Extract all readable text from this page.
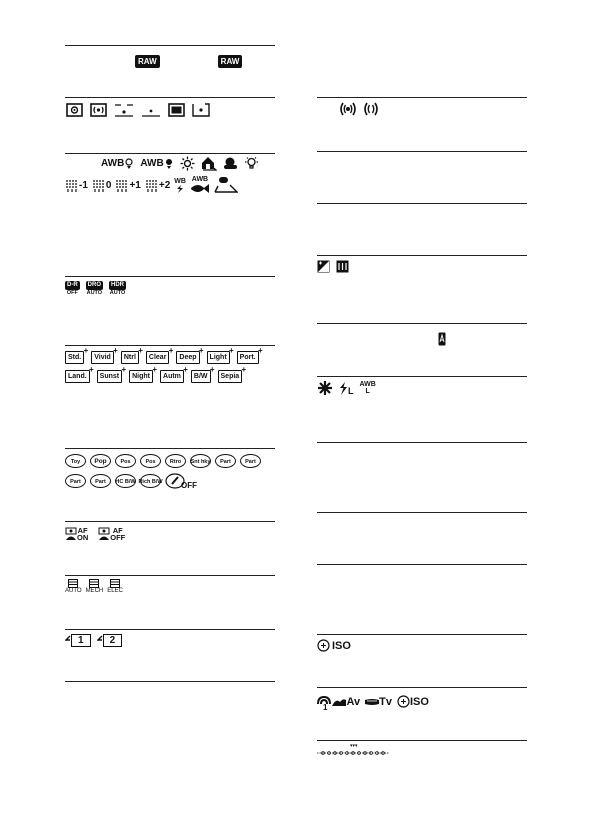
RAW	RAW
AWB AWB
-1 0 +1 +2 WB AWB
D-R
OFF
DRO
AUTO
HDR
AUTO
Std. +	Vivid +	Ntrl +	Clear +	Deep +	Light +	Port. +
Land. +	Sunst +	Night +	Autm +	B/W +	Sepia +
Toy	Pop	Pos	Pos	Rtro	Snt hky	Part	Part
Part	Part	HC B/W Rich B/W OFF
AF
ON
AF
OFF
AUTO MECH ELEC
1	2
L
AWB
L
ISO
1 Av Tv ISO
▾▾▾
